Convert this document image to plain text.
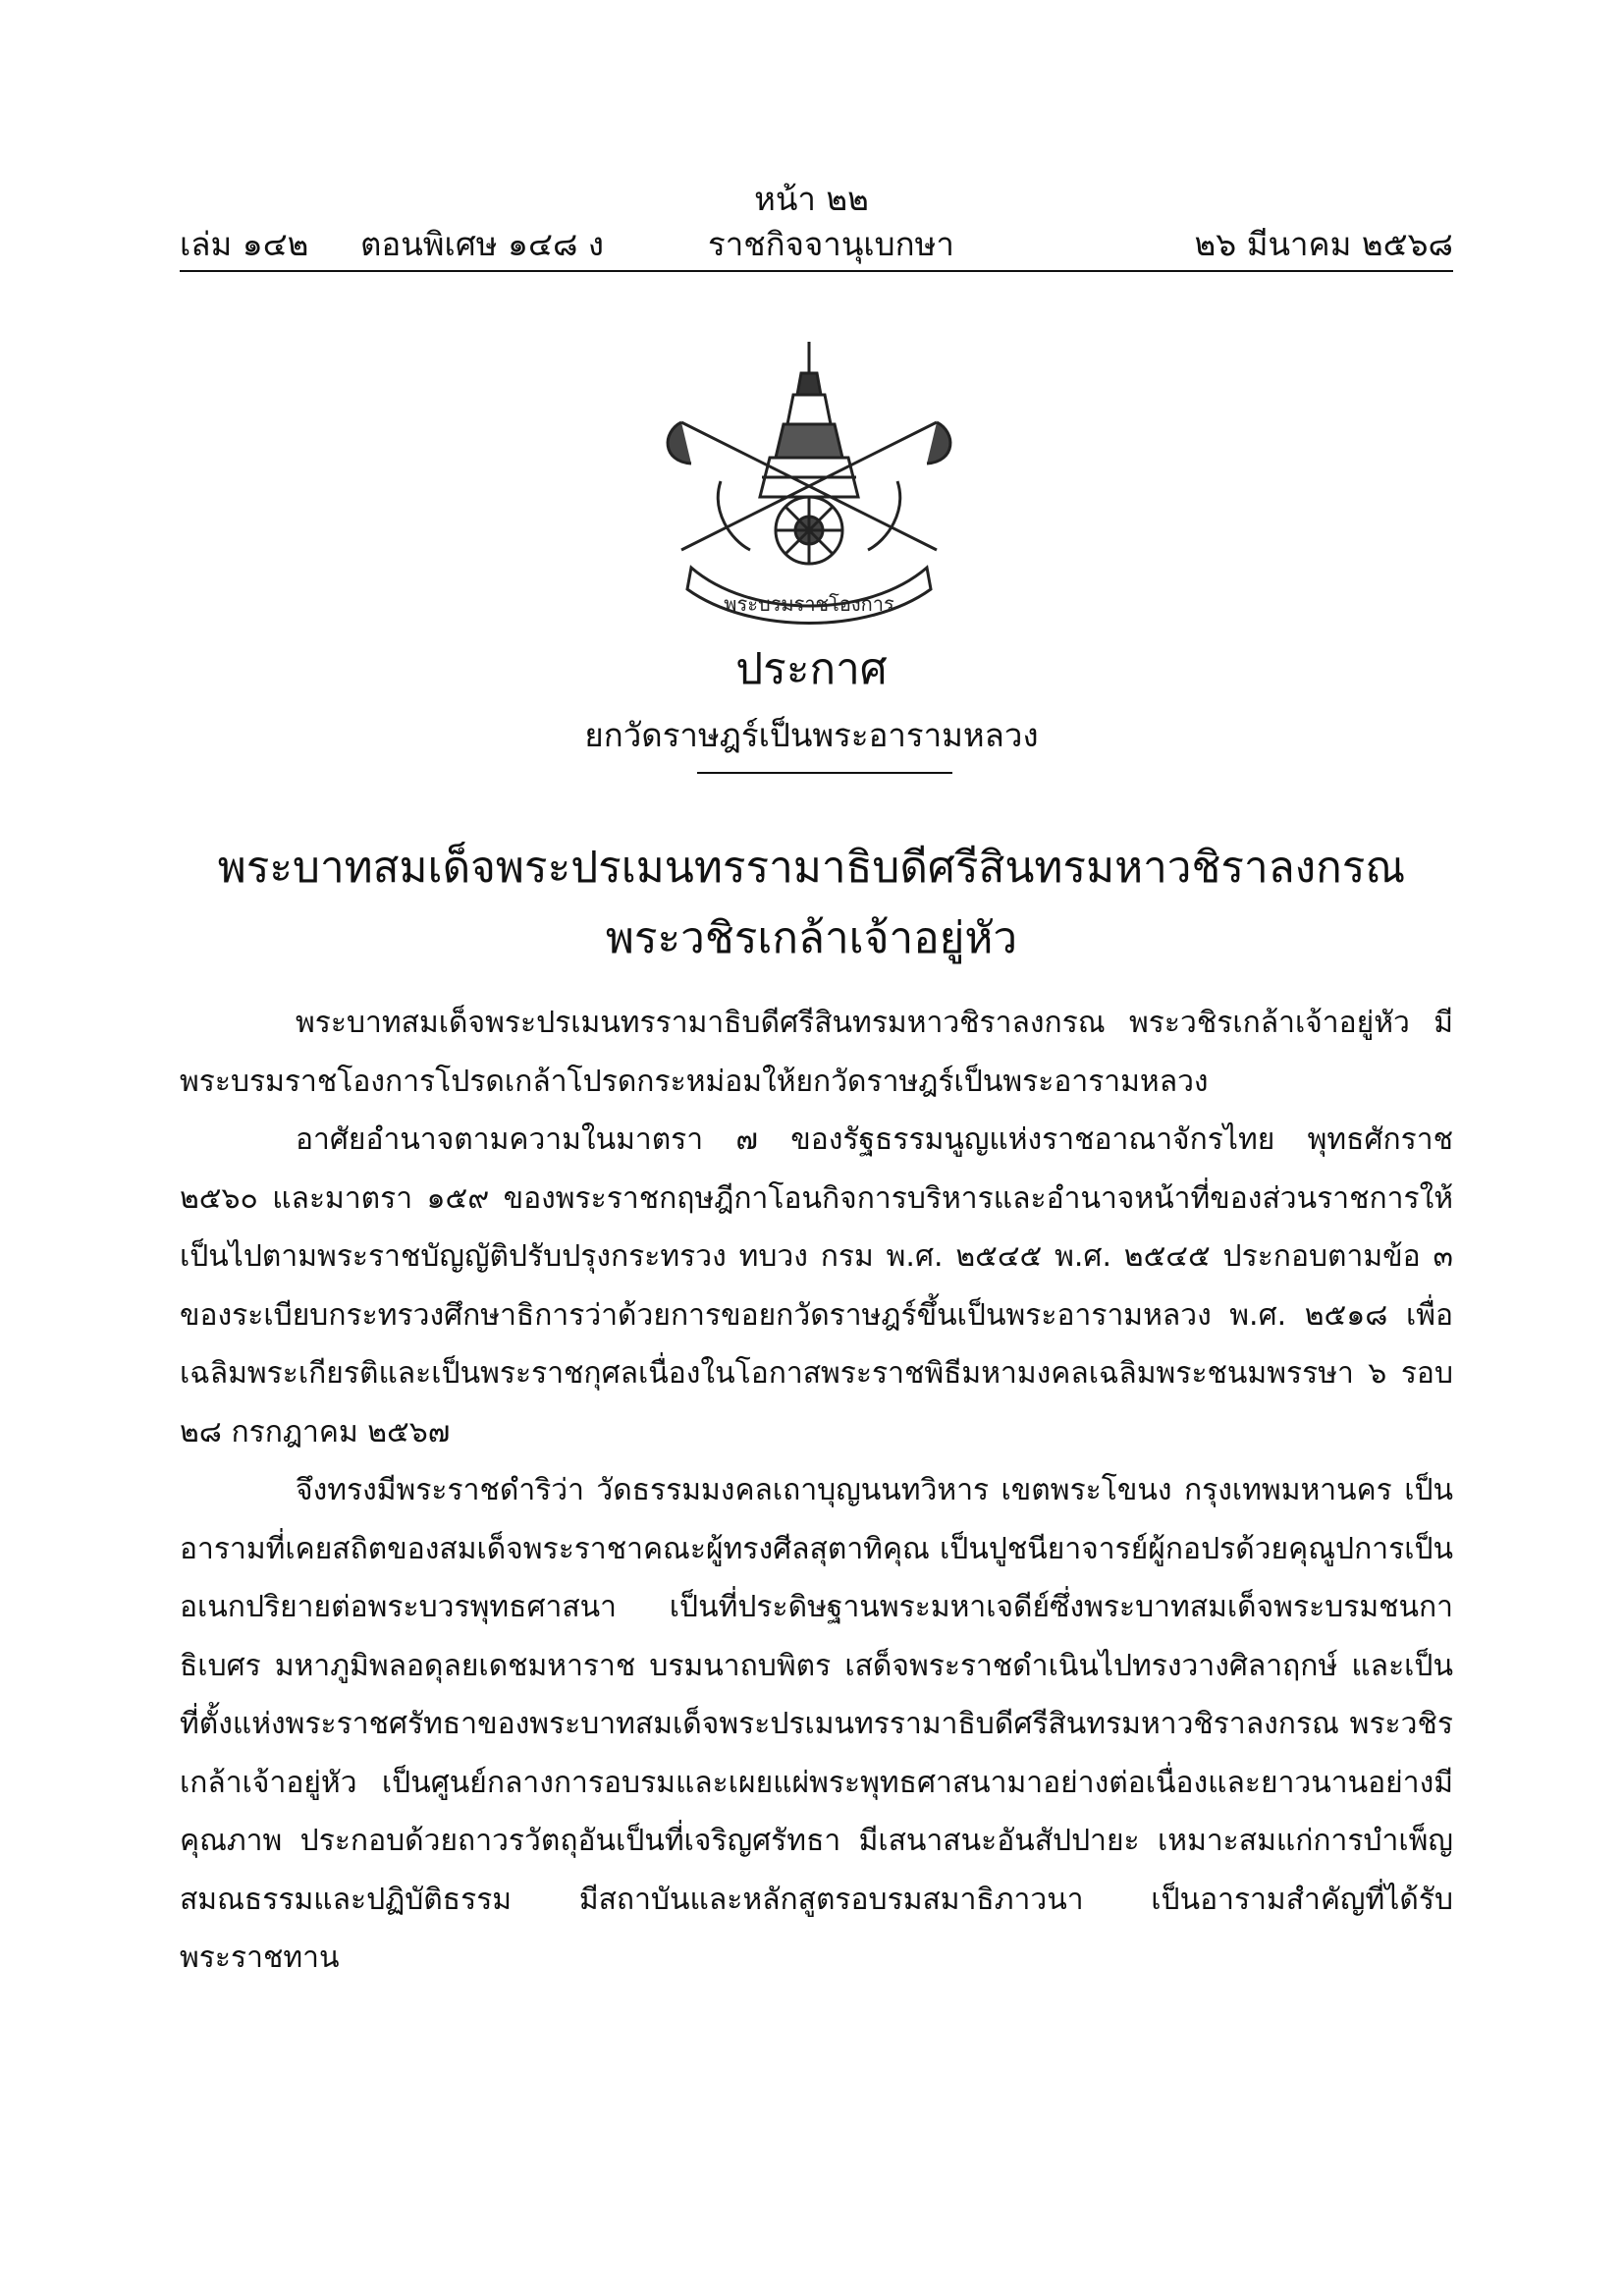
หน้า ๒๒
เล่ม ๑๔๒ ตอนพิเศษ ๑๔๘ ง	ราชกิจจานุเบกษา	๒๖ มีนาคม ๒๕๖๘
พระบรมราชโองการ
ประกาศ
ยกวัดราษฎร์เป็นพระอารามหลวง
พระบาทสมเด็จพระปรเมนทรรามาธิบดีศรีสินทรมหาวชิราลงกรณ
พระวชิรเกล้าเจ้าอยู่หัว

พระบาทสมเด็จพระปรเมนทรรามาธิบดีศรีสินทรมหาวชิราลงกรณ พระวชิรเกล้าเจ้าอยู่หัว มีพระบรมราชโองการโปรดเกล้าโปรดกระหม่อมให้ยกวัดราษฎร์เป็นพระอารามหลวง

อาศัยอำนาจตามความในมาตรา ๗ ของรัฐธรรมนูญแห่งราชอาณาจักรไทย พุทธศักราช ๒๕๖๐ และมาตรา ๑๕๙ ของพระราชกฤษฎีกาโอนกิจการบริหารและอำนาจหน้าที่ของส่วนราชการให้เป็นไปตามพระราชบัญญัติปรับปรุงกระทรวง ทบวง กรม พ.ศ. ๒๕๔๕ พ.ศ. ๒๕๔๕ ประกอบตามข้อ ๓ ของระเบียบกระทรวงศึกษาธิการว่าด้วยการขอยกวัดราษฎร์ขึ้นเป็นพระอารามหลวง พ.ศ. ๒๕๑๘ เพื่อเฉลิมพระเกียรติและเป็นพระราชกุศลเนื่องในโอกาสพระราชพิธีมหามงคลเฉลิมพระชนมพรรษา ๖ รอบ ๒๘ กรกฎาคม ๒๕๖๗

จึงทรงมีพระราชดำริว่า วัดธรรมมงคลเถาบุญนนทวิหาร เขตพระโขนง กรุงเทพมหานคร เป็นอารามที่เคยสถิตของสมเด็จพระราชาคณะผู้ทรงศีลสุตาทิคุณ เป็นปูชนียาจารย์ผู้กอปรด้วยคุณูปการเป็นอเนกปริยายต่อพระบวรพุทธศาสนา เป็นที่ประดิษฐานพระมหาเจดีย์ซึ่งพระบาทสมเด็จพระบรมชนกาธิเบศร มหาภูมิพลอดุลยเดชมหาราช บรมนาถบพิตร เสด็จพระราชดำเนินไปทรงวางศิลาฤกษ์ และเป็นที่ตั้งแห่งพระราชศรัทธาของพระบาทสมเด็จพระปรเมนทรรามาธิบดีศรีสินทรมหาวชิราลงกรณ พระวชิรเกล้าเจ้าอยู่หัว เป็นศูนย์กลางการอบรมและเผยแผ่พระพุทธศาสนามาอย่างต่อเนื่องและยาวนานอย่างมีคุณภาพ ประกอบด้วยถาวรวัตถุอันเป็นที่เจริญศรัทธา มีเสนาสนะอันสัปปายะ เหมาะสมแก่การบำเพ็ญสมณธรรมและปฏิบัติธรรม มีสถาบันและหลักสูตรอบรมสมาธิภาวนา เป็นอารามสำคัญที่ได้รับพระราชทาน
